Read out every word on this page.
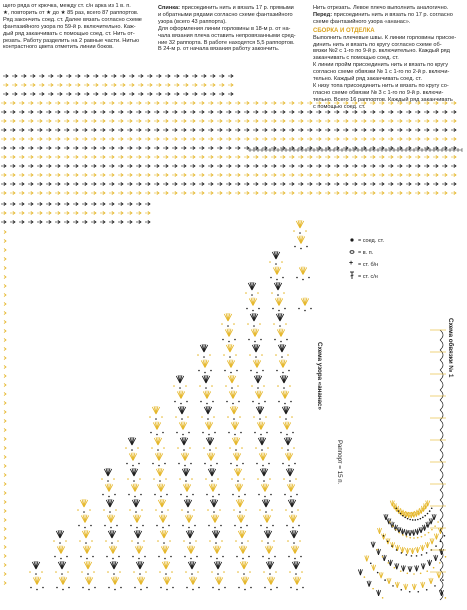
щего ряда от крючка, между ст. с/н арка из 1 в. п.

★, повторить от ★ до ★ 85 раз, всего 87 раппортов.

Ряд закончить соед. ст. Далее вязать согласно схеме

фантазийного узора по 59-й р. включительно. Каж-

дый ряд заканчивать с помощью соед. ст. Нить от-

резать. Работу разделить на 2 равные части. Нитью

контрастного цвета отметить линии боков.

Спинка: присоединить нить и вязать 17 р. прямыми

и обратными рядами согласно схеме фантазийного

узора (всего 43 раппорта).

Для оформления линии горловины в 18-м р. от на-

чала вязания плеча оставить непровязанными сред-

ние 32 раппорта. В работе находятся 5,5 раппортов.

В 24-м р. от начала вязания работу закончить.

Нить отрезать. Левое плечо выполнить аналогично.

Перед: присоединить нить и вязать по 17 р. согласно

схеме фантазийного узора «ананас».

СБОРКА И ОТДЕЛКА

Выполнить плечевые швы. К линии горловины присое-

динить нить и вязать по кругу согласно схеме об-

вязки №2 с 1-го по 9-й р. включительно. Каждый ряд

заканчивать с помощью соед. ст.

К линии пройм присоединить нить и вязать по кругу

согласно схеме обвязки № 1 с 1-го по 2-й р. включи-

тельно. Каждый ряд заканчивать соед. ст.

К низу топа присоединить нить и вязать по кругу со-

гласно схеме обвязки № 3 с 1-го по 9-й р. включи-

тельно. Всего 16 раппортов. Каждый ряд заканчивать

с помощью соед. ст.

= соед. ст.
= в. п.
+ = ст. б/н
= ст. с/н
Схема узора «ананас»	Схема обвязки № 1
Раппорт = 15 п.
